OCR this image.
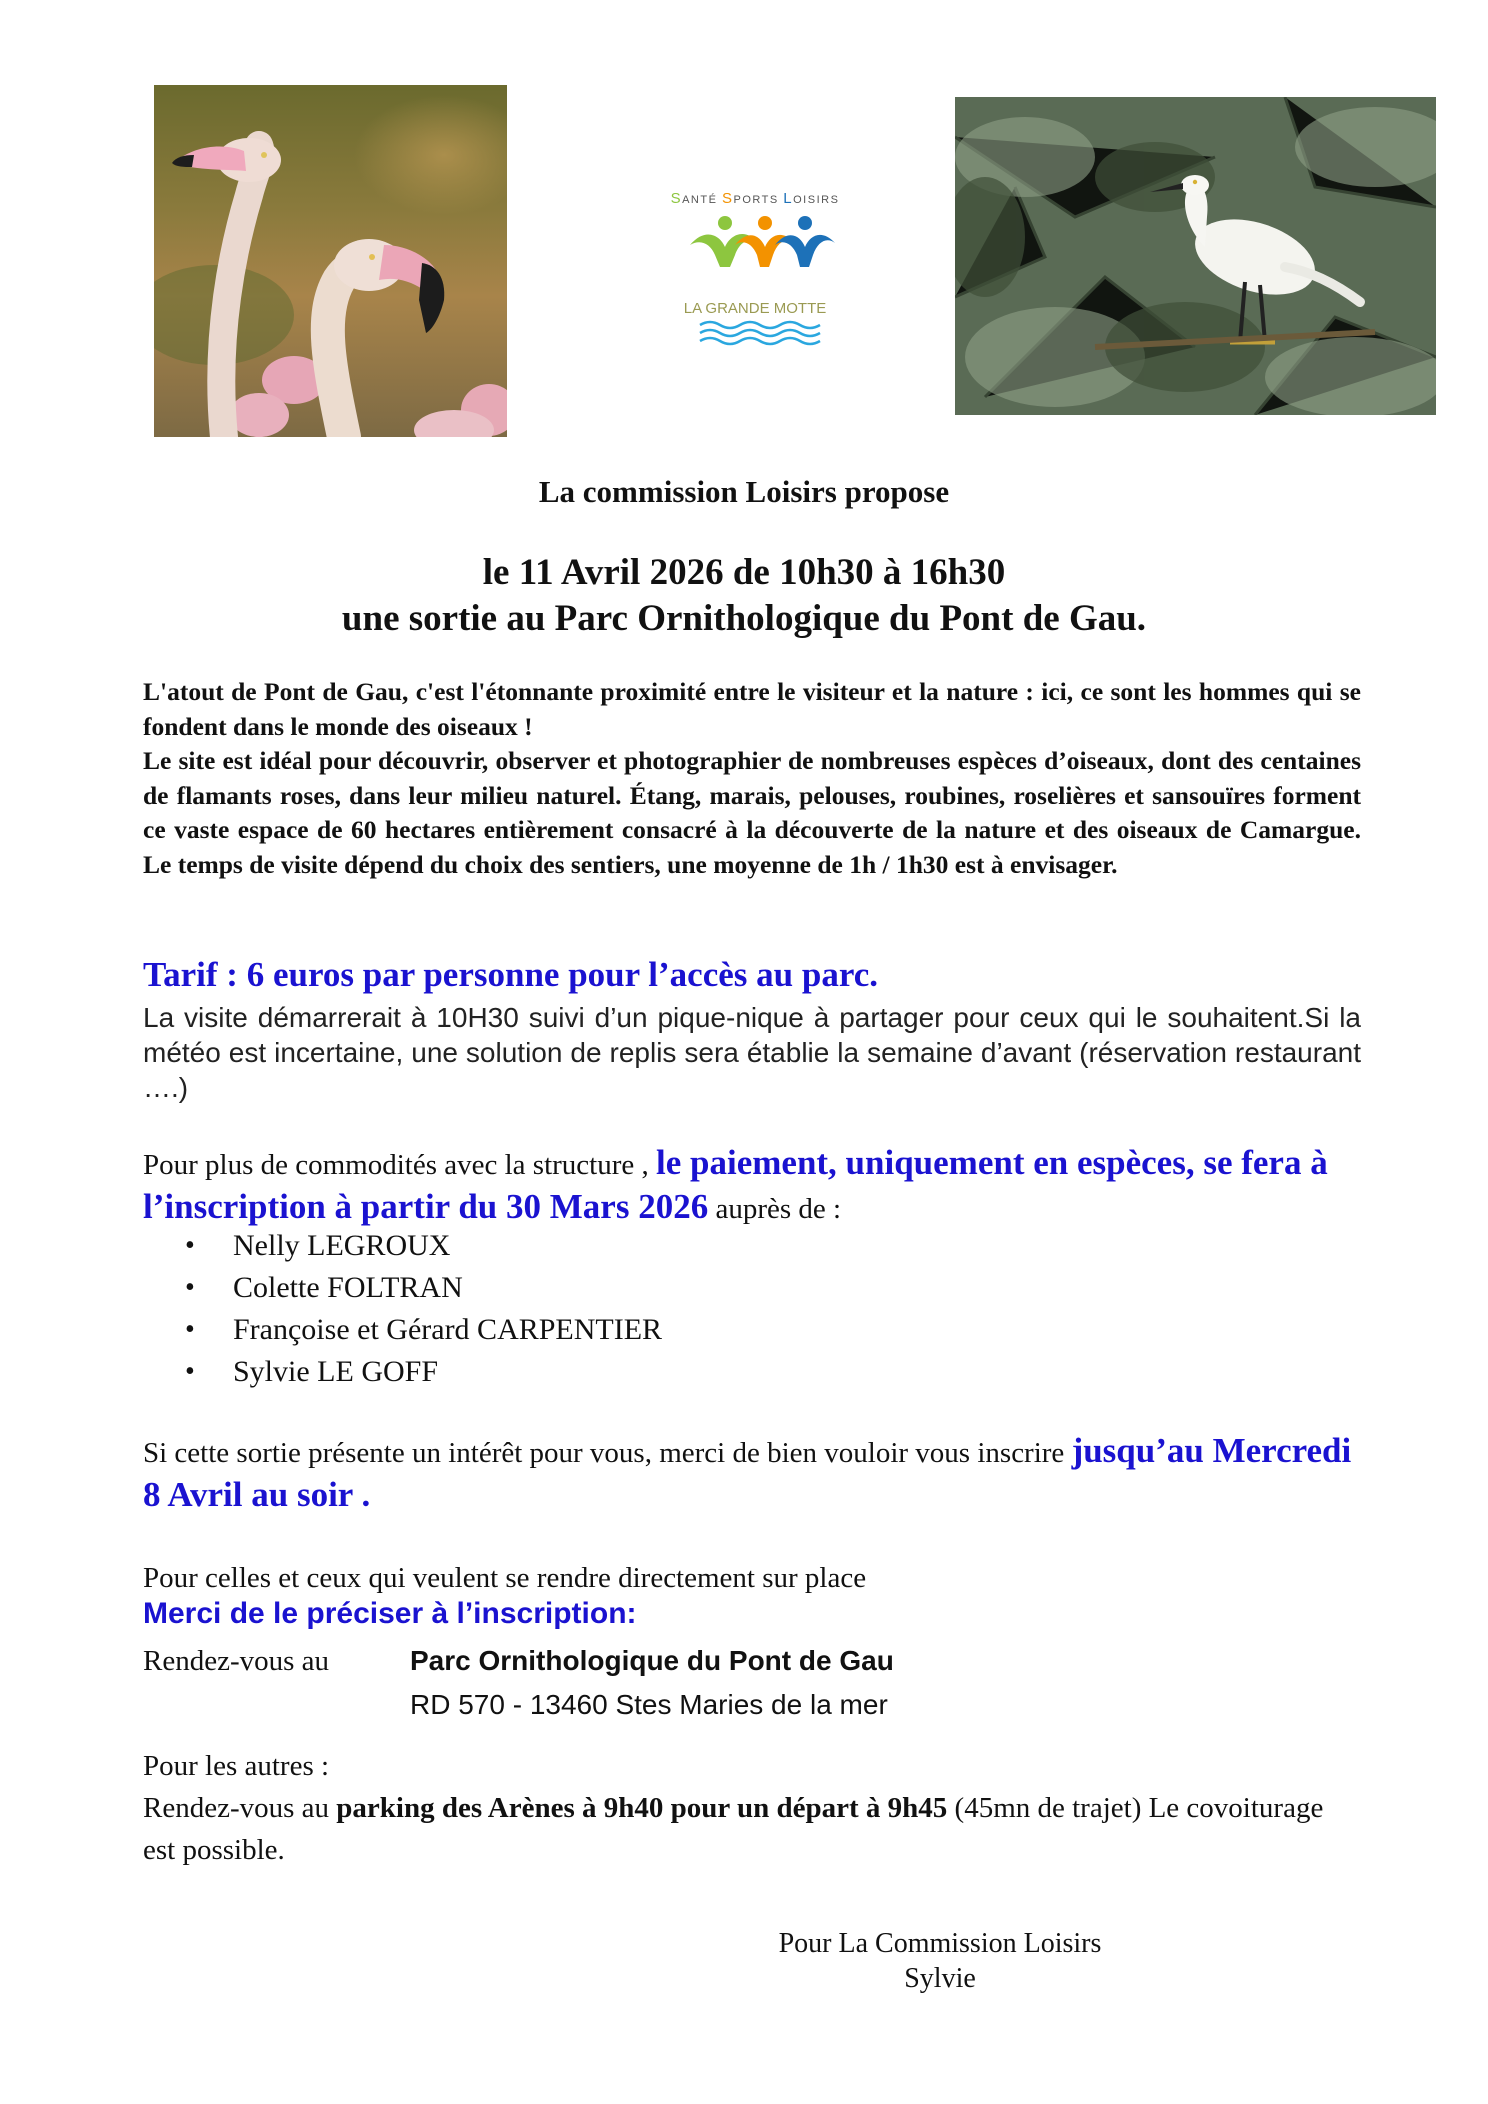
SANTÉ SPORTS LOISIRS
LA GRANDE MOTTE
La commission Loisirs propose
le 11 Avril 2026 de 10h30 à 16h30
une sortie au Parc Ornithologique du Pont de Gau.

L'atout de Pont de Gau, c'est l'étonnante proximité entre le visiteur et la nature : ici, ce sont les hommes qui se fondent dans le monde des oiseaux !

Le site est idéal pour découvrir, observer et photographier de nombreuses espèces d’oiseaux, dont des centaines de flamants roses, dans leur milieu naturel. Étang, marais, pelouses, roubines, roselières et sansouïres forment ce vaste espace de 60 hectares entièrement consacré à la découverte de la nature et des oiseaux de Camargue.

Le temps de visite dépend du choix des sentiers, une moyenne de 1h / 1h30 est à envisager.

Tarif : 6 euros par personne pour l’accès au parc.
La visite démarrerait à 10H30 suivi d’un pique-nique à partager pour ceux qui le souhaitent.Si la météo est incertaine, une solution de replis sera établie la semaine d’avant (réservation restaurant ….)
Pour plus de commodités avec la structure , le paiement, uniquement en espèces, se fera à l’inscription à partir du 30 Mars 2026 auprès de :
• Nelly LEGROUX
• Colette FOLTRAN
• Françoise et Gérard CARPENTIER
• Sylvie LE GOFF
Si cette sortie présente un intérêt pour vous, merci de bien vouloir vous inscrire jusqu’au Mercredi 8 Avril au soir .
Pour celles et ceux qui veulent se rendre directement sur place
Merci de le préciser à l’inscription:
Rendez-vous au	Parc Ornithologique du Pont de Gau
RD 570 - 13460 Stes Maries de la mer
Pour les autres :
Rendez-vous au parking des Arènes à 9h40 pour un départ à 9h45 (45mn de trajet) Le covoiturage est possible.
Pour La Commission Loisirs
Sylvie
